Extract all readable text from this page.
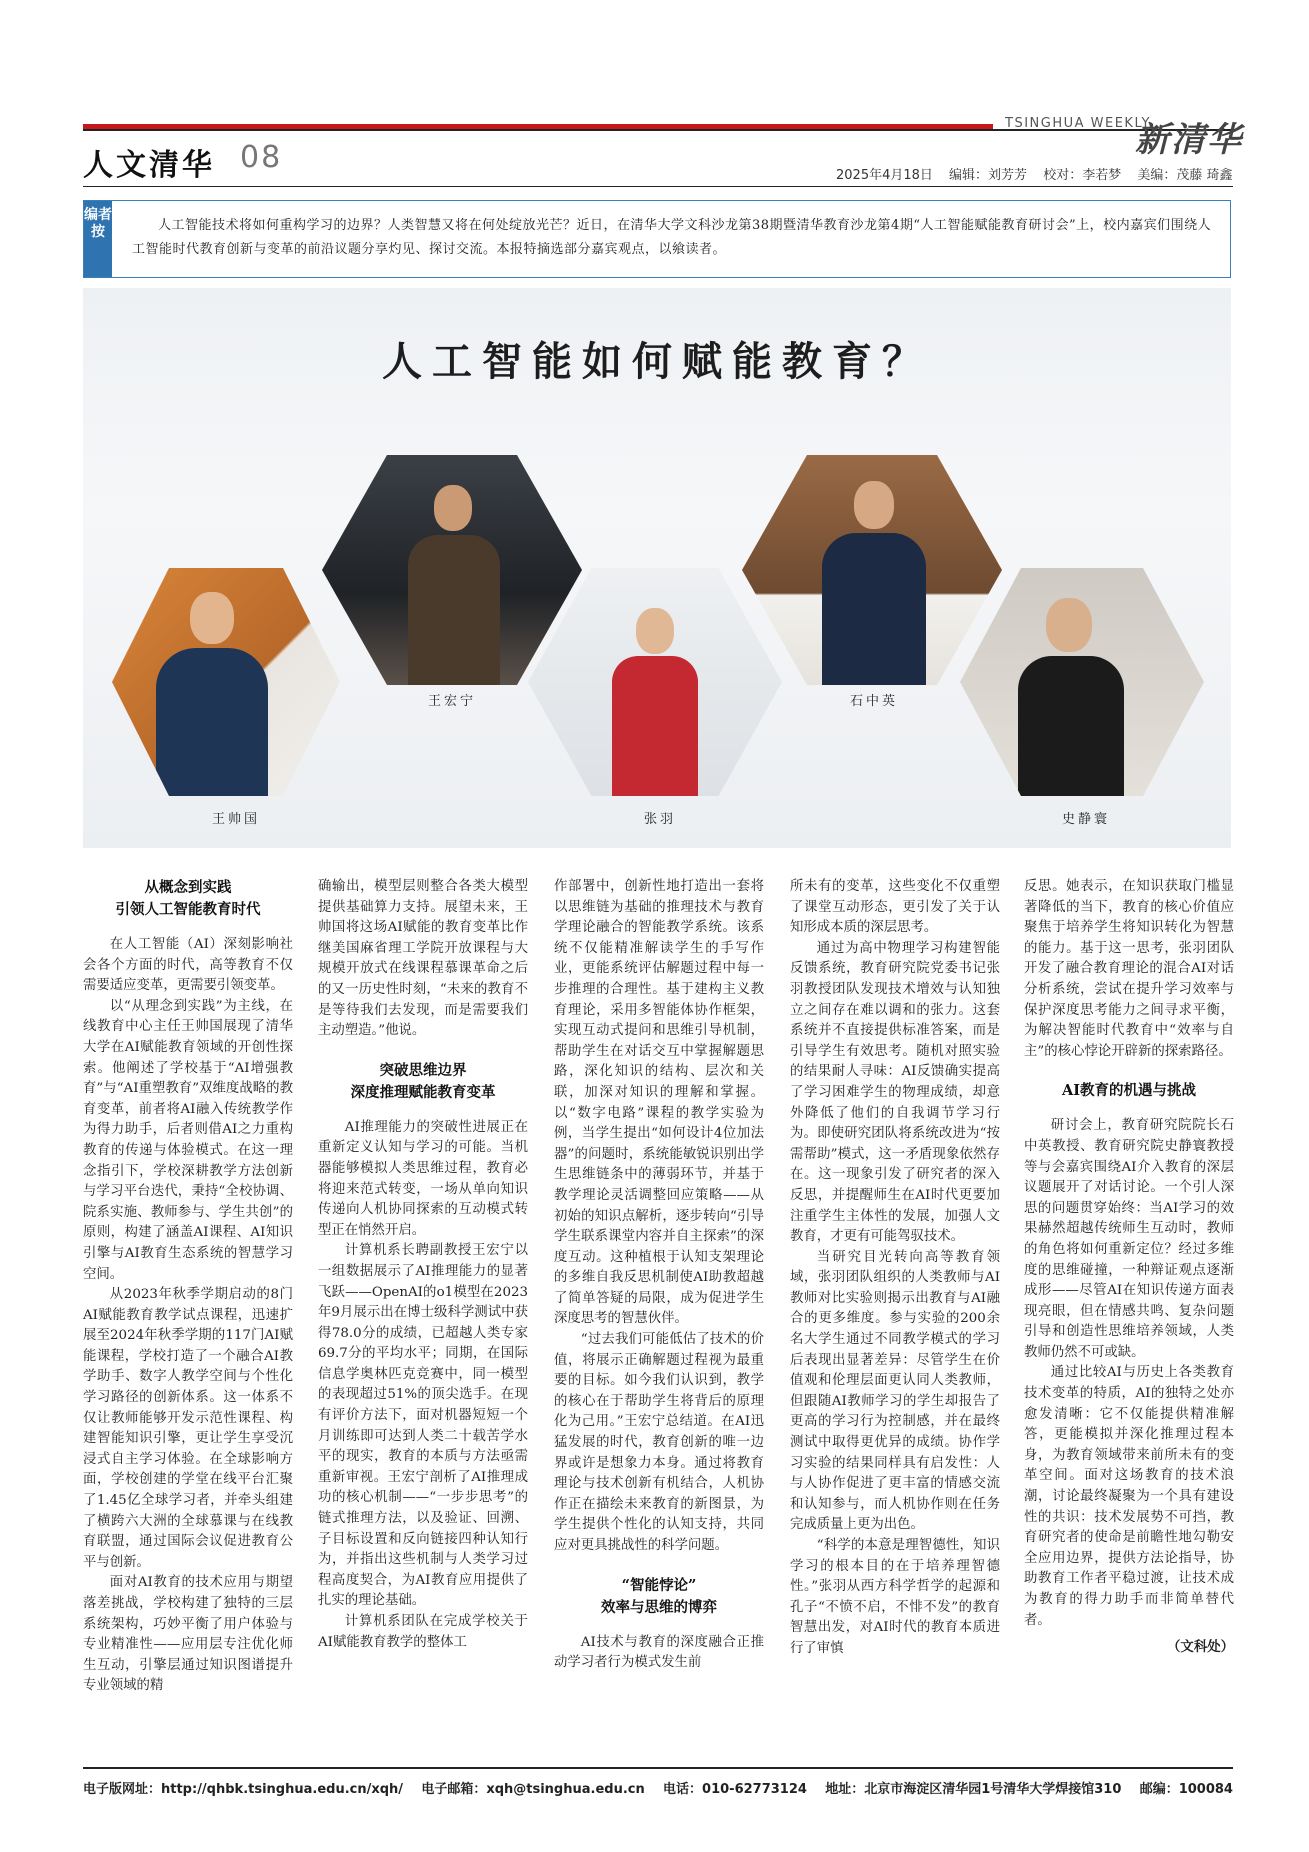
TSINGHUA WEEKLY
新清华
人文清华 08
2025年4月18日 编辑：刘芳芳 校对：李若梦 美编：茂藤 琦鑫
编者按	人工智能技术将如何重构学习的边界？人类智慧又将在何处绽放光芒？近日，在清华大学文科沙龙第38期暨清华教育沙龙第4期“人工智能赋能教育研讨会”上，校内嘉宾们围绕人工智能时代教育创新与变革的前沿议题分享灼见、探讨交流。本报特摘选部分嘉宾观点，以飨读者。
人工智能如何赋能教育？
王帅国
王宏宁
张羽
石中英
史静寰
从概念到实践
引领人工智能教育时代

在人工智能（AI）深刻影响社会各个方面的时代，高等教育不仅需要适应变革，更需要引领变革。

以“从理念到实践”为主线，在线教育中心主任王帅国展现了清华大学在AI赋能教育领域的开创性探索。他阐述了学校基于“AI增强教育”与“AI重塑教育”双维度战略的教育变革，前者将AI融入传统教学作为得力助手，后者则借AI之力重构教育的传递与体验模式。在这一理念指引下，学校深耕教学方法创新与学习平台迭代，秉持“全校协调、院系实施、教师参与、学生共创”的原则，构建了涵盖AI课程、AI知识引擎与AI教育生态系统的智慧学习空间。

从2023年秋季学期启动的8门AI赋能教育教学试点课程，迅速扩展至2024年秋季学期的117门AI赋能课程，学校打造了一个融合AI教学助手、数字人教学空间与个性化学习路径的创新体系。这一体系不仅让教师能够开发示范性课程、构建智能知识引擎，更让学生享受沉浸式自主学习体验。在全球影响方面，学校创建的学堂在线平台汇聚了1.45亿全球学习者，并牵头组建了横跨六大洲的全球慕课与在线教育联盟，通过国际会议促进教育公平与创新。

面对AI教育的技术应用与期望落差挑战，学校构建了独特的三层系统架构，巧妙平衡了用户体验与专业精准性——应用层专注优化师生互动，引擎层通过知识图谱提升专业领域的精

确输出，模型层则整合各类大模型提供基础算力支持。展望未来，王帅国将这场AI赋能的教育变革比作继美国麻省理工学院开放课程与大规模开放式在线课程慕课革命之后的又一历史性时刻，“未来的教育不是等待我们去发现，而是需要我们主动塑造。”他说。

突破思维边界
深度推理赋能教育变革

AI推理能力的突破性进展正在重新定义认知与学习的可能。当机器能够模拟人类思维过程，教育必将迎来范式转变，一场从单向知识传递向人机协同探索的互动模式转型正在悄然开启。

计算机系长聘副教授王宏宁以一组数据展示了AI推理能力的显著飞跃——OpenAI的o1模型在2023年9月展示出在博士级科学测试中获得78.0分的成绩，已超越人类专家69.7分的平均水平；同期，在国际信息学奥林匹克竞赛中，同一模型的表现超过51%的顶尖选手。在现有评价方法下，面对机器短短一个月训练即可达到人类二十载苦学水平的现实，教育的本质与方法亟需重新审视。王宏宁剖析了AI推理成功的核心机制——“一步步思考”的链式推理方法，以及验证、回溯、子目标设置和反向链接四种认知行为，并指出这些机制与人类学习过程高度契合，为AI教育应用提供了扎实的理论基础。

计算机系团队在完成学校关于AI赋能教育教学的整体工

作部署中，创新性地打造出一套将以思维链为基础的推理技术与教育学理论融合的智能教学系统。该系统不仅能精准解读学生的手写作业，更能系统评估解题过程中每一步推理的合理性。基于建构主义教育理论，采用多智能体协作框架，实现互动式提问和思维引导机制，帮助学生在对话交互中掌握解题思路，深化知识的结构、层次和关联，加深对知识的理解和掌握。以“数字电路”课程的教学实验为例，当学生提出“如何设计4位加法器”的问题时，系统能敏锐识别出学生思维链条中的薄弱环节，并基于教学理论灵活调整回应策略——从初始的知识点解析，逐步转向“引导学生联系课堂内容并自主探索”的深度互动。这种植根于认知支架理论的多维自我反思机制使AI助教超越了简单答疑的局限，成为促进学生深度思考的智慧伙伴。

“过去我们可能低估了技术的价值，将展示正确解题过程视为最重要的目标。如今我们认识到，教学的核心在于帮助学生将背后的原理化为己用。”王宏宁总结道。在AI迅猛发展的时代，教育创新的唯一边界或许是想象力本身。通过将教育理论与技术创新有机结合，人机协作正在描绘未来教育的新图景，为学生提供个性化的认知支持，共同应对更具挑战性的科学问题。

“智能悖论”
效率与思维的博弈

AI技术与教育的深度融合正推动学习者行为模式发生前

所未有的变革，这些变化不仅重塑了课堂互动形态，更引发了关于认知形成本质的深层思考。

通过为高中物理学习构建智能反馈系统，教育研究院党委书记张羽教授团队发现技术增效与认知独立之间存在难以调和的张力。这套系统并不直接提供标准答案，而是引导学生有效思考。随机对照实验的结果耐人寻味：AI反馈确实提高了学习困难学生的物理成绩，却意外降低了他们的自我调节学习行为。即使研究团队将系统改进为“按需帮助”模式，这一矛盾现象依然存在。这一现象引发了研究者的深入反思，并提醒师生在AI时代更要加注重学生主体性的发展，加强人文教育，才更有可能驾驭技术。

当研究目光转向高等教育领域，张羽团队组织的人类教师与AI教师对比实验则揭示出教育与AI融合的更多维度。参与实验的200余名大学生通过不同教学模式的学习后表现出显著差异：尽管学生在价值观和伦理层面更认同人类教师，但跟随AI教师学习的学生却报告了更高的学习行为控制感，并在最终测试中取得更优异的成绩。协作学习实验的结果同样具有启发性：人与人协作促进了更丰富的情感交流和认知参与，而人机协作则在任务完成质量上更为出色。

“科学的本意是理智德性，知识学习的根本目的在于培养理智德性。”张羽从西方科学哲学的起源和孔子“不愤不启，不悱不发”的教育智慧出发，对AI时代的教育本质进行了审慎

反思。她表示，在知识获取门槛显著降低的当下，教育的核心价值应聚焦于培养学生将知识转化为智慧的能力。基于这一思考，张羽团队开发了融合教育理论的混合AI对话分析系统，尝试在提升学习效率与保护深度思考能力之间寻求平衡，为解决智能时代教育中“效率与自主”的核心悖论开辟新的探索路径。

AI教育的机遇与挑战

研讨会上，教育研究院院长石中英教授、教育研究院史静寰教授等与会嘉宾围绕AI介入教育的深层议题展开了对话讨论。一个引人深思的问题贯穿始终：当AI学习的效果赫然超越传统师生互动时，教师的角色将如何重新定位？经过多维度的思维碰撞，一种辩证观点逐渐成形——尽管AI在知识传递方面表现亮眼，但在情感共鸣、复杂问题引导和创造性思维培养领域，人类教师仍然不可或缺。

通过比较AI与历史上各类教育技术变革的特质，AI的独特之处亦愈发清晰：它不仅能提供精准解答，更能模拟并深化推理过程本身，为教育领域带来前所未有的变革空间。面对这场教育的技术浪潮，讨论最终凝聚为一个具有建设性的共识：技术发展势不可挡，教育研究者的使命是前瞻性地勾勒安全应用边界，提供方法论指导，协助教育工作者平稳过渡，让技术成为教育的得力助手而非简单替代者。

（文科处）

电子版网址：http://qhbk.tsinghua.edu.cn/xqh/ 电子邮箱：xqh@tsinghua.edu.cn 电话：010-62773124 地址：北京市海淀区清华园1号清华大学焊接馆310 邮编：100084
